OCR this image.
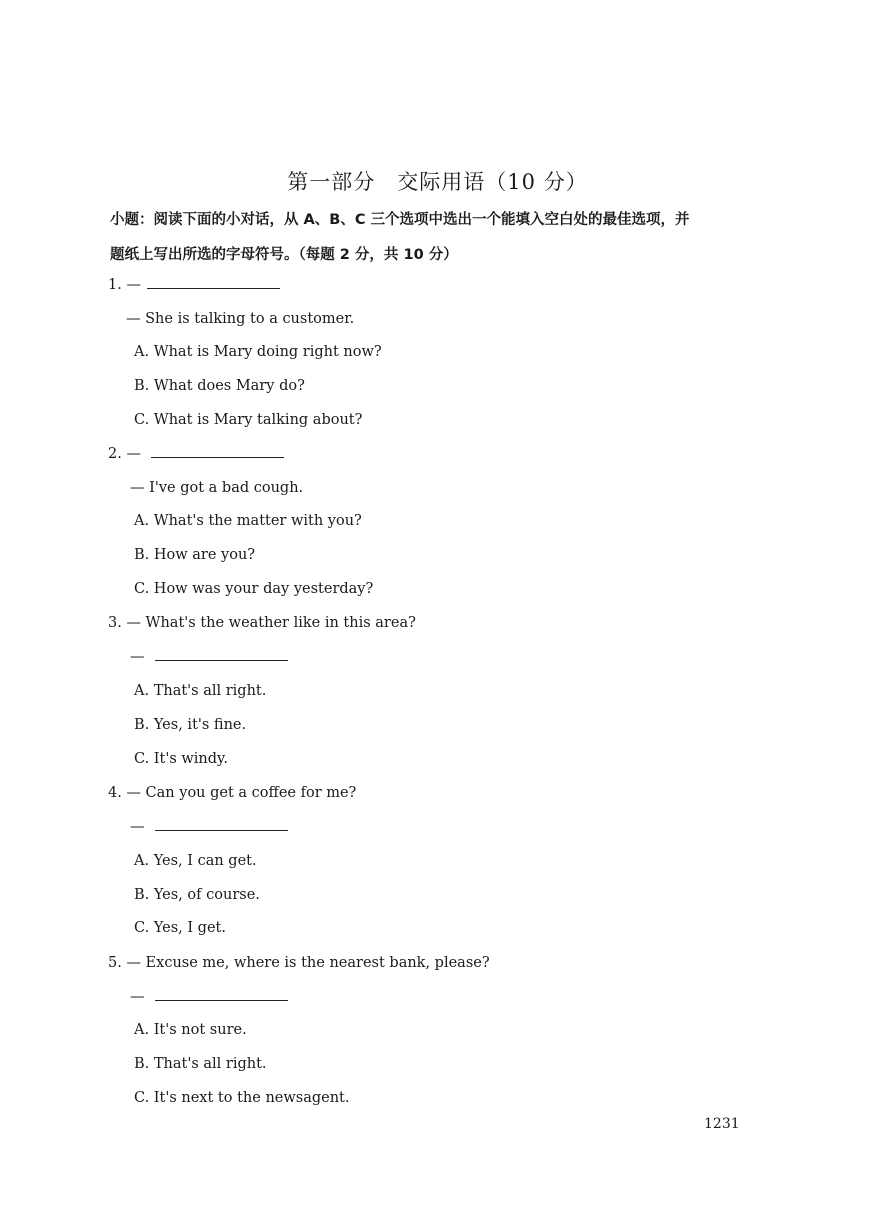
第一部分　交际用语（10 分）
小题：阅读下面的小对话，从 A、B、C 三个选项中选出一个能填入空白处的最佳选项，并
题纸上写出所选的字母符号。（每题 2 分，共 10 分）
1. —
— She is talking to a customer.
A. What is Mary doing right now?
B. What does Mary do?
C. What is Mary talking about?
2. —
— I've got a bad cough.
A. What's the matter with you?
B. How are you?
C. How was your day yesterday?
3. — What's the weather like in this area?
—
A. That's all right.
B. Yes, it's fine.
C. It's windy.
4. — Can you get a coffee for me?
—
A. Yes, I can get.
B. Yes, of course.
C. Yes, I get.
5. — Excuse me, where is the nearest bank, please?
—
A. It's not sure.
B. That's all right.
C. It's next to the newsagent.
1231
